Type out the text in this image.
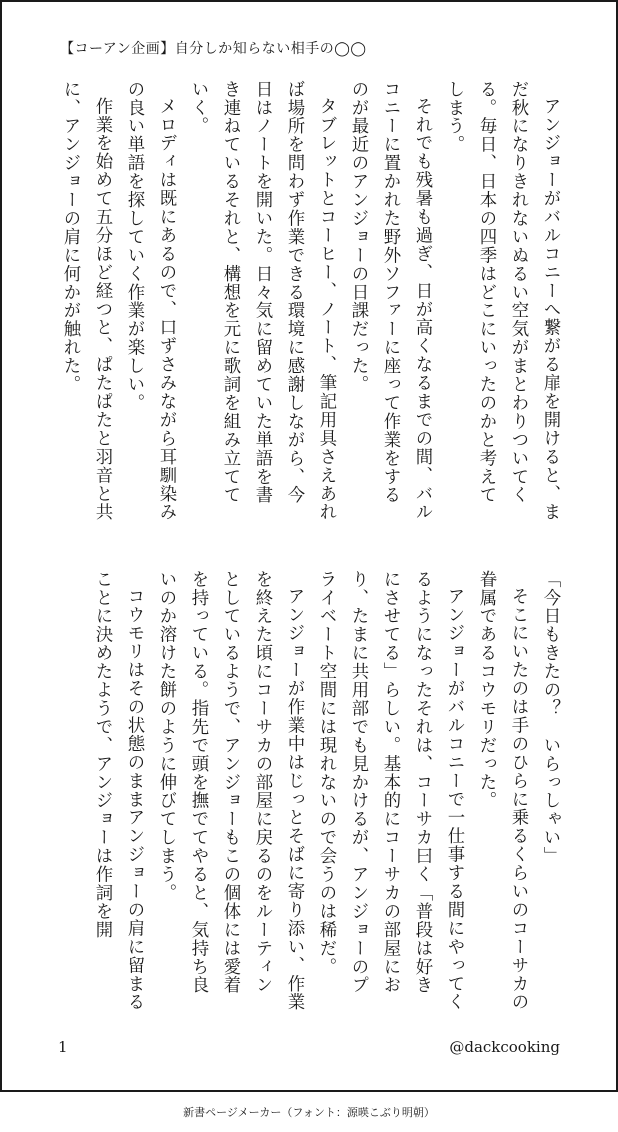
【コーアン企画】自分しか知らない相手の◯◯

アンジョーがバルコニーへ繋がる扉を開けると、まだ秋になりきれないぬるい空気がまとわりついてくる。毎日、日本の四季はどこにいったのかと考えてしまう。

それでも残暑も過ぎ、日が高くなるまでの間、バルコニーに置かれた野外ソファーに座って作業をするのが最近のアンジョーの日課だった。

タブレットとコーヒー、ノート、筆記用具さえあれば場所を問わず作業できる環境に感謝しながら、今日はノートを開いた。日々気に留めていた単語を書き連ねているそれと、構想を元に歌詞を組み立てていく。

メロディは既にあるので、口ずさみながら耳馴染みの良い単語を探していく作業が楽しい。

作業を始めて五分ほど経つと、ぱたぱたと羽音と共に、アンジョーの肩に何かが触れた。

「今日もきたの？　いらっしゃい」

そこにいたのは手のひらに乗るくらいのコーサカの眷属であるコウモリだった。

アンジョーがバルコニーで一仕事する間にやってくるようになったそれは、コーサカ曰く「普段は好きにさせてる」らしい。基本的にコーサカの部屋におり、たまに共用部でも見かけるが、アンジョーのプライベート空間には現れないので会うのは稀だ。

アンジョーが作業中はじっとそばに寄り添い、作業を終えた頃にコーサカの部屋に戻るのをルーティンとしているようで、アンジョーもこの個体には愛着を持っている。指先で頭を撫でてやると、気持ち良いのか溶けた餅のように伸びてしまう。

コウモリはその状態のままアンジョーの肩に留まることに決めたようで、アンジョーは作詞を開

1	@dackcooking
新書ページメーカー（フォント：源暎こぶり明朝）
